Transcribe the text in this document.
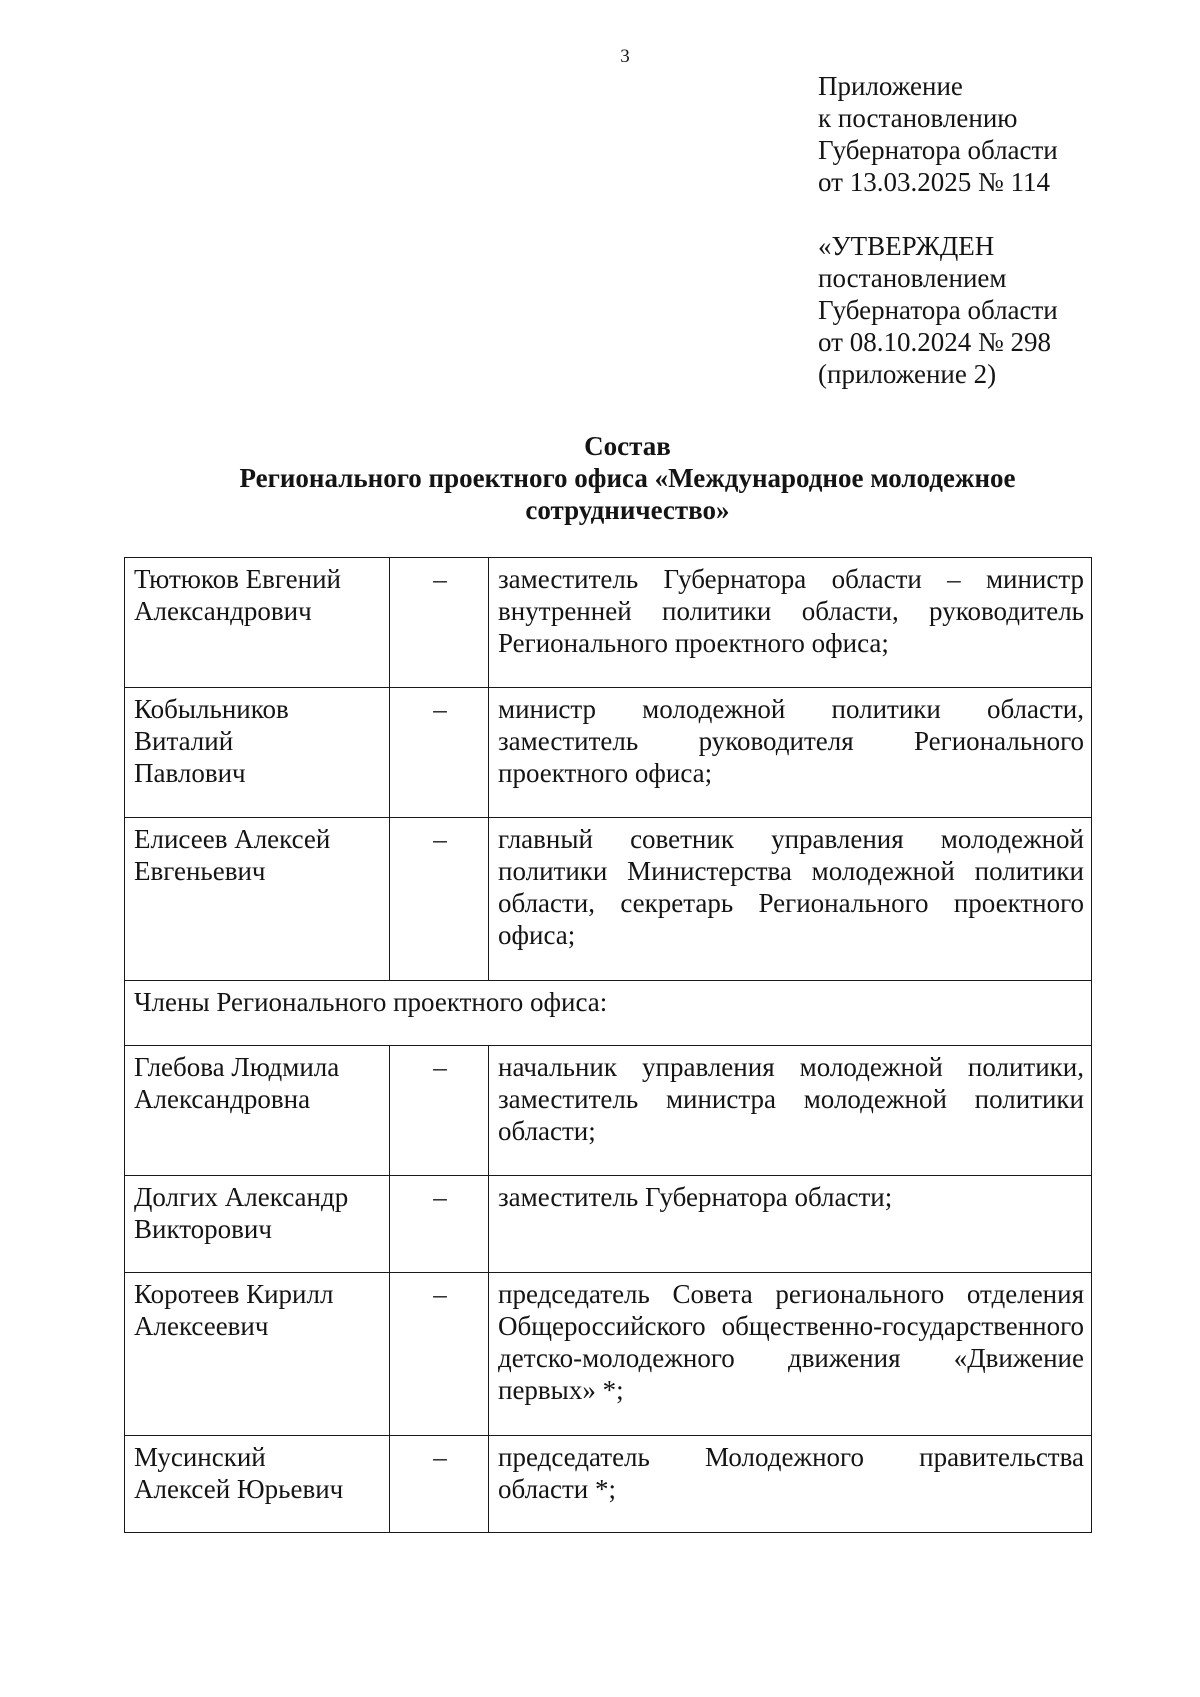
3
Приложение
к постановлению
Губернатора области
от 13.03.2025 № 114
«УТВЕРЖДЕН
постановлением
Губернатора области
от 08.10.2024 № 298
(приложение 2)
Состав
Регионального проектного офиса «Международное молодежное
сотрудничество»
Тютюков Евгений
Александрович	–	заместитель Губернатора области – министр внутренней политики области, руководитель Регионального проектного офиса;

Кобыльников
Виталий
Павлович	–	министр молодежной политики области, заместитель руководителя Регионального проектного офиса;

Елисеев Алексей
Евгеньевич	–	главный советник управления молодежной политики Министерства молодежной политики области, секретарь Регионального проектного офиса;
Члены Регионального проектного офиса:		

Глебова Людмила
Александровна	–	начальник управления молодежной политики, заместитель министра молодежной политики области;

Долгих Александр
Викторович	–	заместитель Губернатора области;

Коротеев Кирилл
Алексеевич	–	председатель Совета регионального отделения Общероссийского общественно-государственного детско-молодежного движения «Движение первых» *;

Мусинский
Алексей Юрьевич	–	председатель Молодежного правительства области *;
